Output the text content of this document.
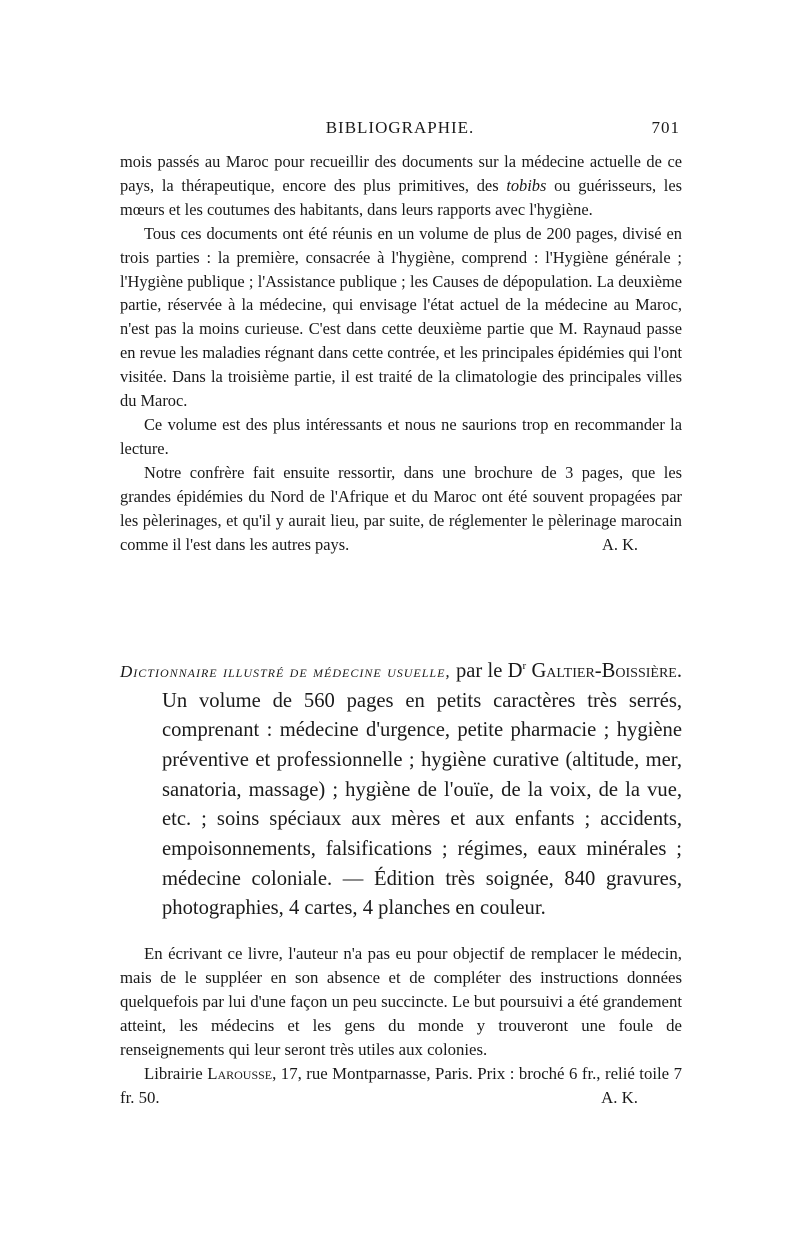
BIBLIOGRAPHIE.	701

mois passés au Maroc pour recueillir des documents sur la médecine actuelle de ce pays, la thérapeutique, encore des plus primitives, des tobibs ou guérisseurs, les mœurs et les coutumes des habitants, dans leurs rapports avec l'hygiène.

Tous ces documents ont été réunis en un volume de plus de 200 pages, divisé en trois parties : la première, consacrée à l'hygiène, comprend : l'Hygiène générale ; l'Hygiène publique ; l'Assistance publique ; les Causes de dépopulation. La deuxième partie, réservée à la médecine, qui envisage l'état actuel de la médecine au Maroc, n'est pas la moins curieuse. C'est dans cette deuxième partie que M. Raynaud passe en revue les maladies régnant dans cette contrée, et les principales épidémies qui l'ont visitée. Dans la troisième partie, il est traité de la climatologie des principales villes du Maroc.

Ce volume est des plus intéressants et nous ne saurions trop en recommander la lecture.

Notre confrère fait ensuite ressortir, dans une brochure de 3 pages, que les grandes épidémies du Nord de l'Afrique et du Maroc ont été souvent propagées par les pèlerinages, et qu'il y aurait lieu, par suite, de réglementer le pèlerinage marocain comme il l'est dans les autres pays.	A. K.
Dictionnaire illustré de médecine usuelle, par le $D^r$ Galtier-Boissière. Un volume de 560 pages en petits caractères très serrés, comprenant : médecine d'urgence, petite pharmacie ; hygiène préventive et professionnelle ; hygiène curative (altitude, mer, sanatoria, massage) ; hygiène de l'ouïe, de la voix, de la vue, etc. ; soins spéciaux aux mères et aux enfants ; accidents, empoisonnements, falsifications ; régimes, eaux minérales ; médecine coloniale. — Édition très soignée, 840 gravures, photographies, 4 cartes, 4 planches en couleur.

En écrivant ce livre, l'auteur n'a pas eu pour objectif de remplacer le médecin, mais de le suppléer en son absence et de compléter des instructions données quelquefois par lui d'une façon un peu succincte. Le but poursuivi a été grandement atteint, les médecins et les gens du monde y trouveront une foule de renseignements qui leur seront très utiles aux colonies.

Librairie Larousse, 17, rue Montparnasse, Paris. Prix : broché 6 fr., relié toile 7 fr. 50.	A. K.
